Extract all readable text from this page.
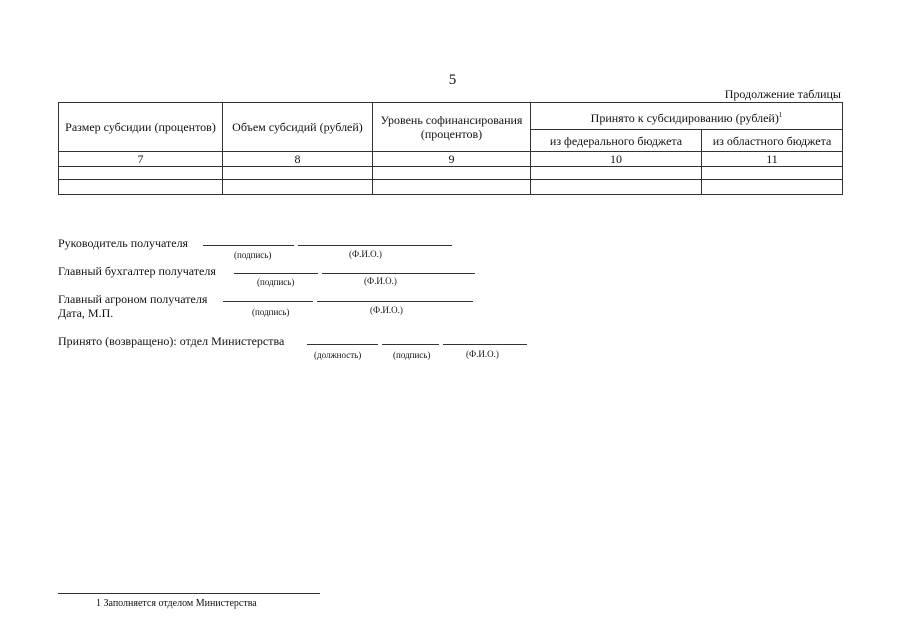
5
Продолжение таблицы
Размер субсидии (процентов)	Объем субсидий (рублей)	Уровень софинансирования (процентов)	Принято к субсидированию (рублей)$^1$
			из федерального бюджета	из областного бюджета
7	8	9	10	11

Руководитель получателя
(подпись)	(Ф.И.О.)
Главный бухгалтер получателя
(подпись)	(Ф.И.О.)
Главный агроном получателя
Дата, М.П.	(подпись)	(Ф.И.О.)
Принято (возвращено): отдел Министерства
(должность)	(подпись)	(Ф.И.О.)
1 Заполняется отделом Министерства
